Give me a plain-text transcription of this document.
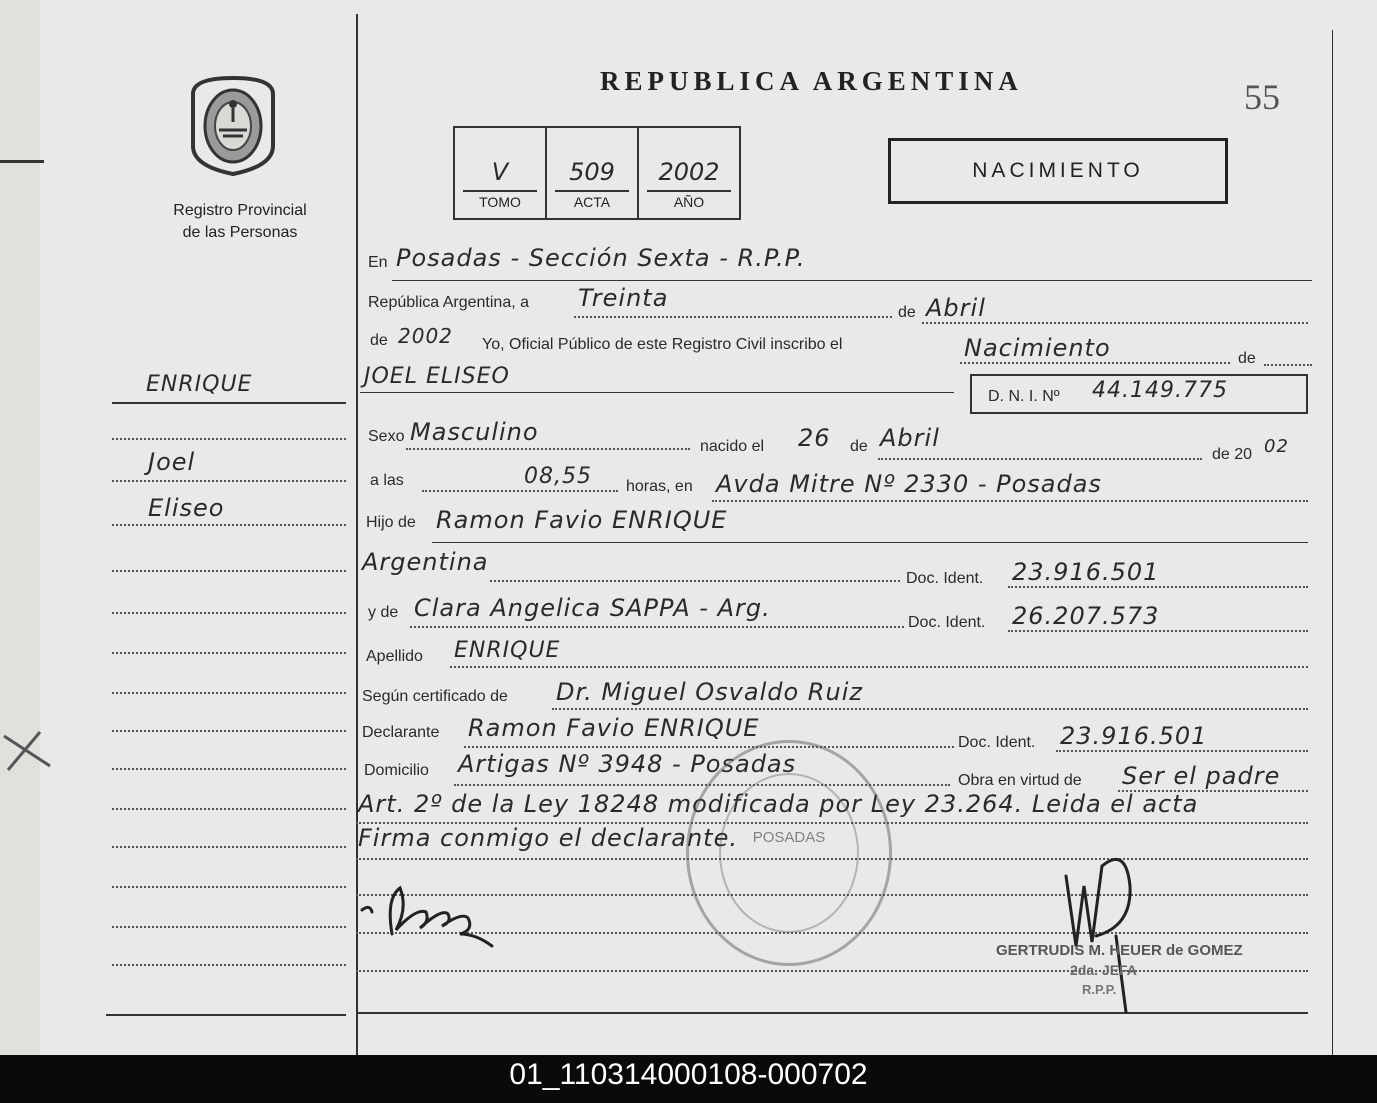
Registro Provincial
de las Personas
REPUBLICA ARGENTINA	55
V
TOMO
509
ACTA
2002
AÑO
NACIMIENTO
ENRIQUE
Joel
Eliseo
En Posadas - Sección Sexta - R.P.P.
República Argentina, a Treinta
de Abril
de 2002 Yo, Oficial Público de este Registro Civil inscribo el	Nacimiento	de
JOEL ELISEO
D. N. I. Nº 44.149.775
Sexo Masculino
nacido el 26 de Abril
de 20 02
a las	08,55 horas, en Avda Mitre Nº 2330 - Posadas
Hijo de Ramon Favio ENRIQUE
Argentina
Doc. Ident. 23.916.501
y de Clara Angelica SAPPA - Arg.
Doc. Ident. 26.207.573
Apellido ENRIQUE
Según certificado de Dr. Miguel Osvaldo Ruiz
Declarante Ramon Favio ENRIQUE
Doc. Ident. 23.916.501
Domicilio Artigas Nº 3948 - Posadas
Obra en virtud de Ser el padre
Art. 2º de la Ley 18248 modificada por Ley 23.264. Leida el acta
Firma conmigo el declarante. POSADAS
GERTRUDIS M. HEUER de GOMEZ
2da. JEFA
R.P.P.
01_110314000108-000702
